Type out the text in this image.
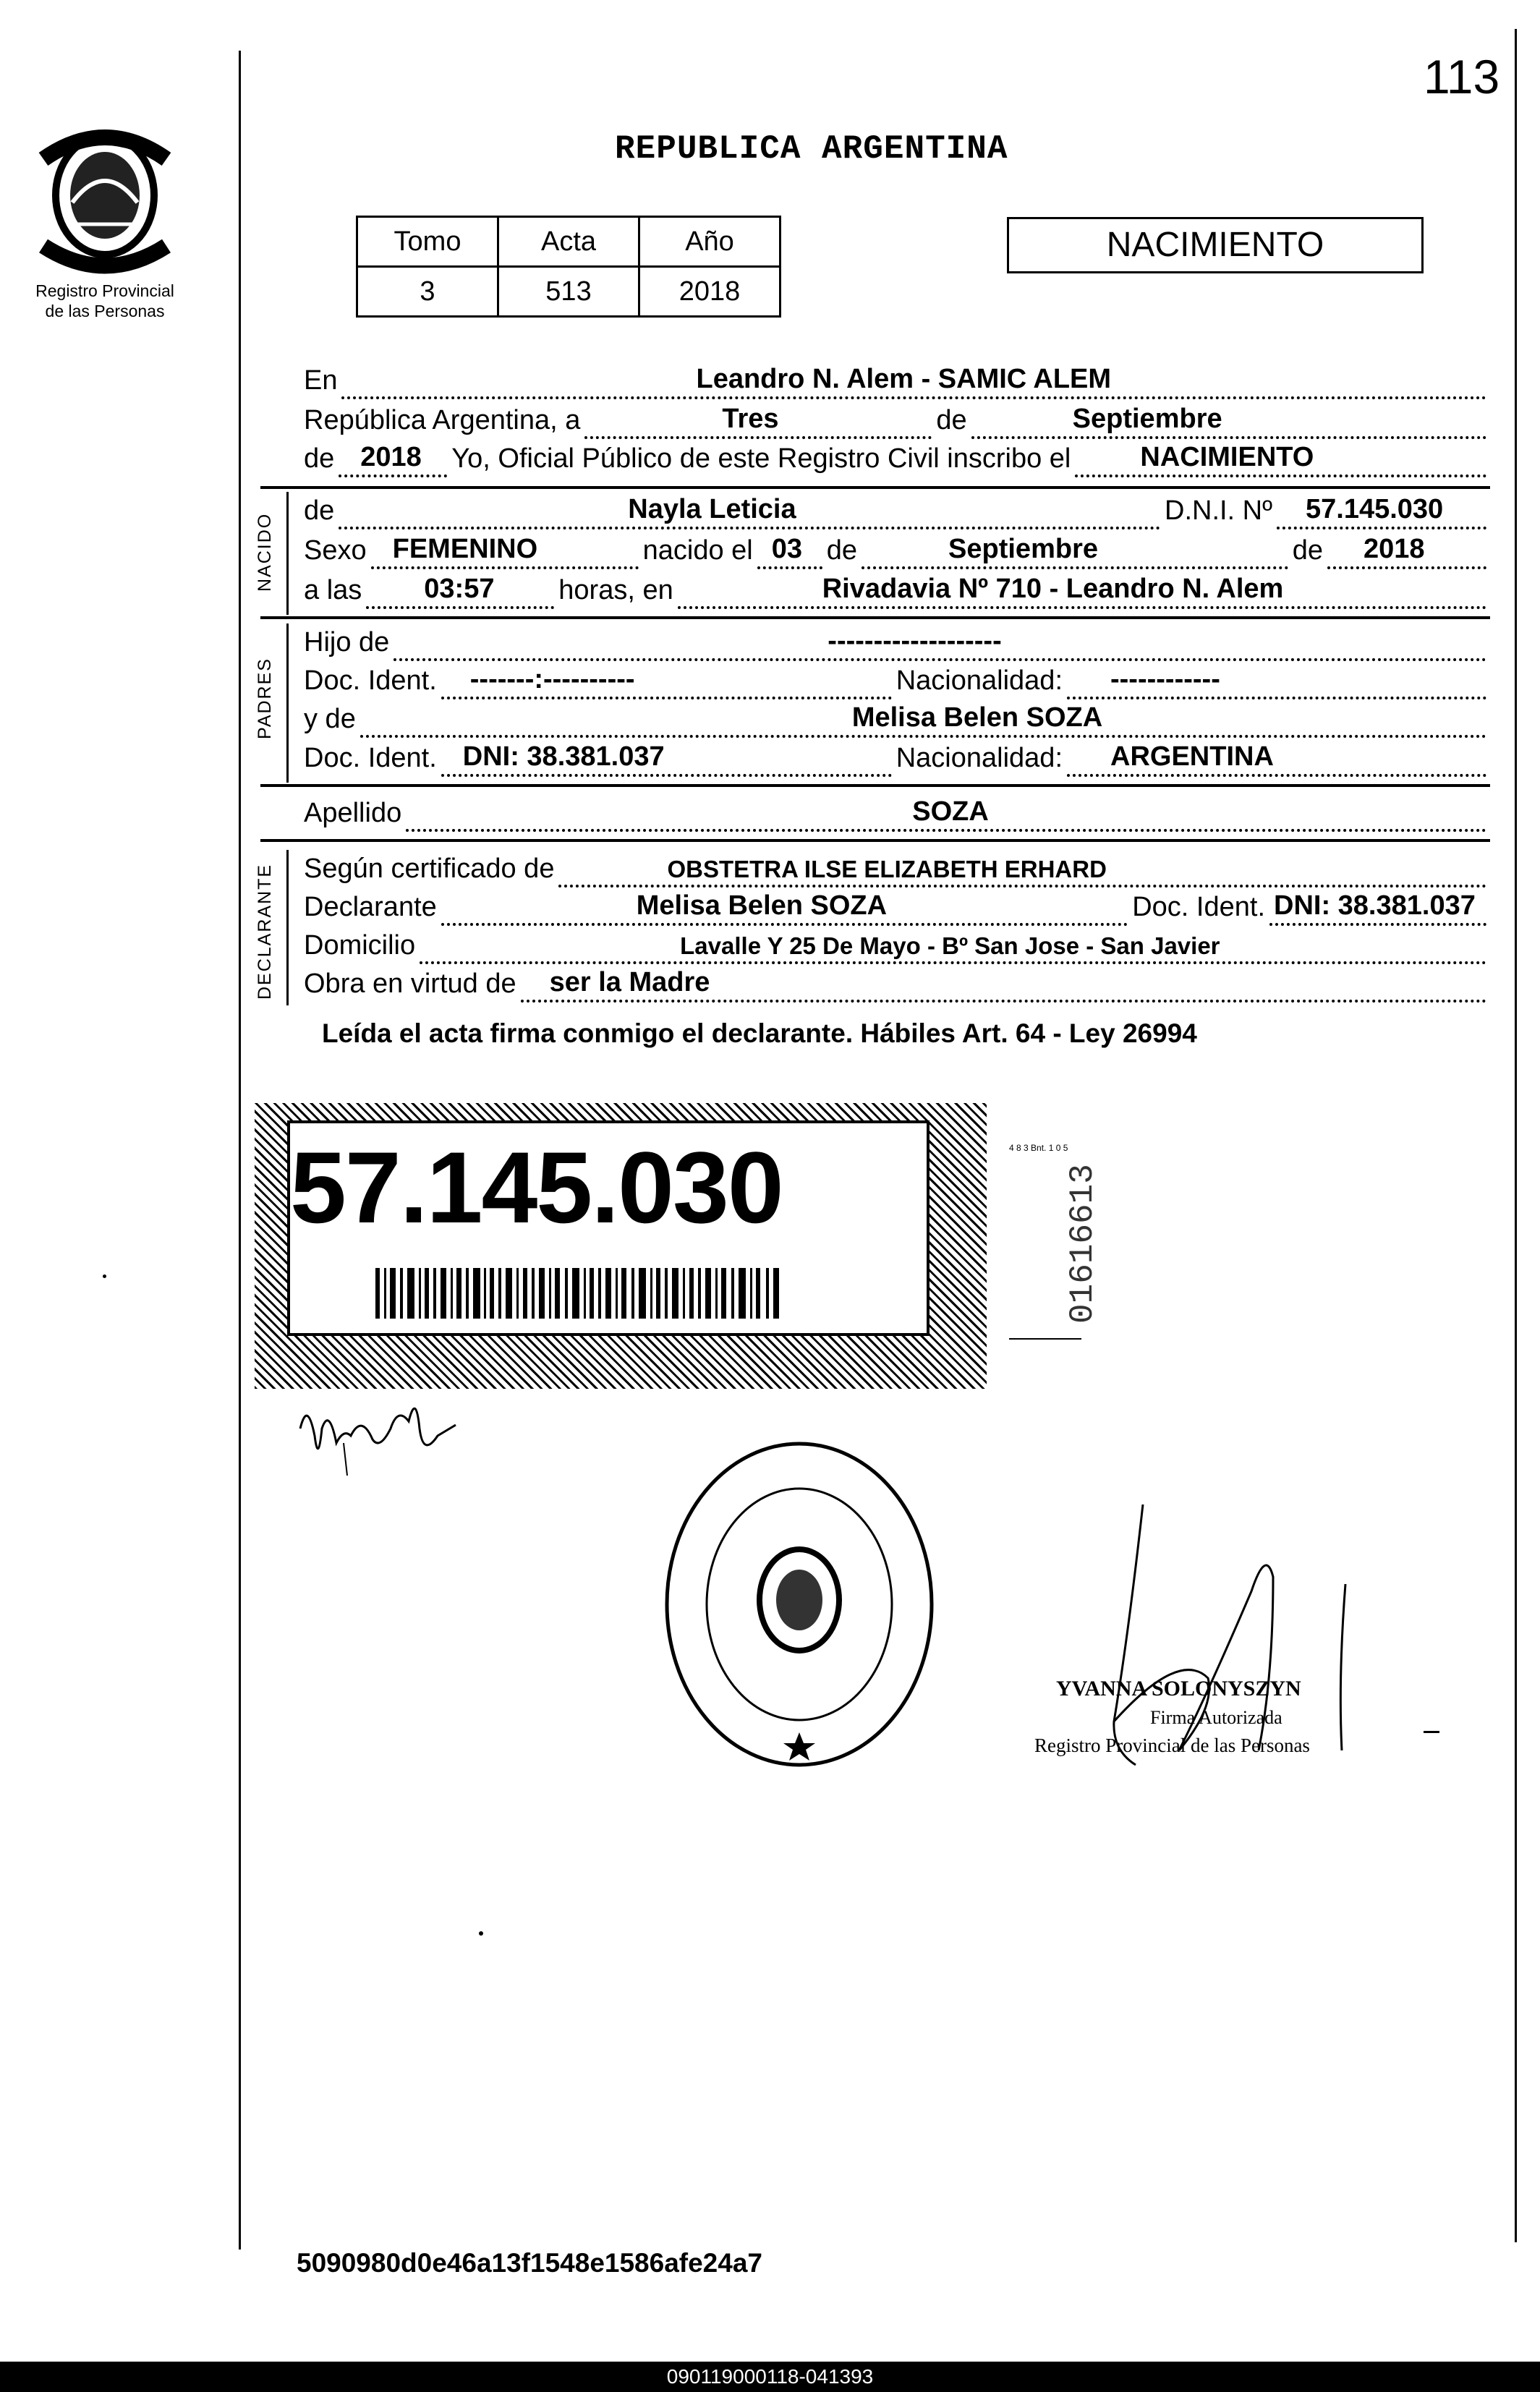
113
Registro Provincial
de las Personas
REPUBLICA ARGENTINA
Tomo	Acta	Año
3	513	2018
NACIMIENTO
En	Leandro N. Alem - SAMIC ALEM
República Argentina, a	Tres	de	Septiembre
de 2018 Yo, Oficial Público de este Registro Civil inscribo el	NACIMIENTO
de	Nayla Leticia	D.N.I. Nº 57.145.030
Sexo FEMENINO	nacido el 03 de	Septiembre	de 2018
a las 03:57 horas, en	Rivadavia Nº 710 - Leandro N. Alem
Hijo de	-------------------
Doc. Ident. -------:----------	Nacionalidad: ------------
y de	Melisa Belen SOZA
Doc. Ident. DNI: 38.381.037	Nacionalidad: ARGENTINA
Apellido	SOZA
Según certificado de	OBSTETRA ILSE ELIZABETH ERHARD
Declarante	Melisa Belen SOZA	Doc. Ident. DNI: 38.381.037
Domicilio	Lavalle Y 25 De Mayo - Bº San Jose - San Javier
Obra en virtud de ser la Madre
NACIDO
PADRES
DECLARANTE
Leída el acta firma conmigo el declarante. Hábiles Art. 64 - Ley 26994
57.145.030	4 8 3 Bnt. 1 0 5
01616613
YVANNA SOLONYSZYN
Firma Autorizada
Registro Provincial de las Personas
5090980d0e46a13f1548e1586afe24a7
090119000118-041393
